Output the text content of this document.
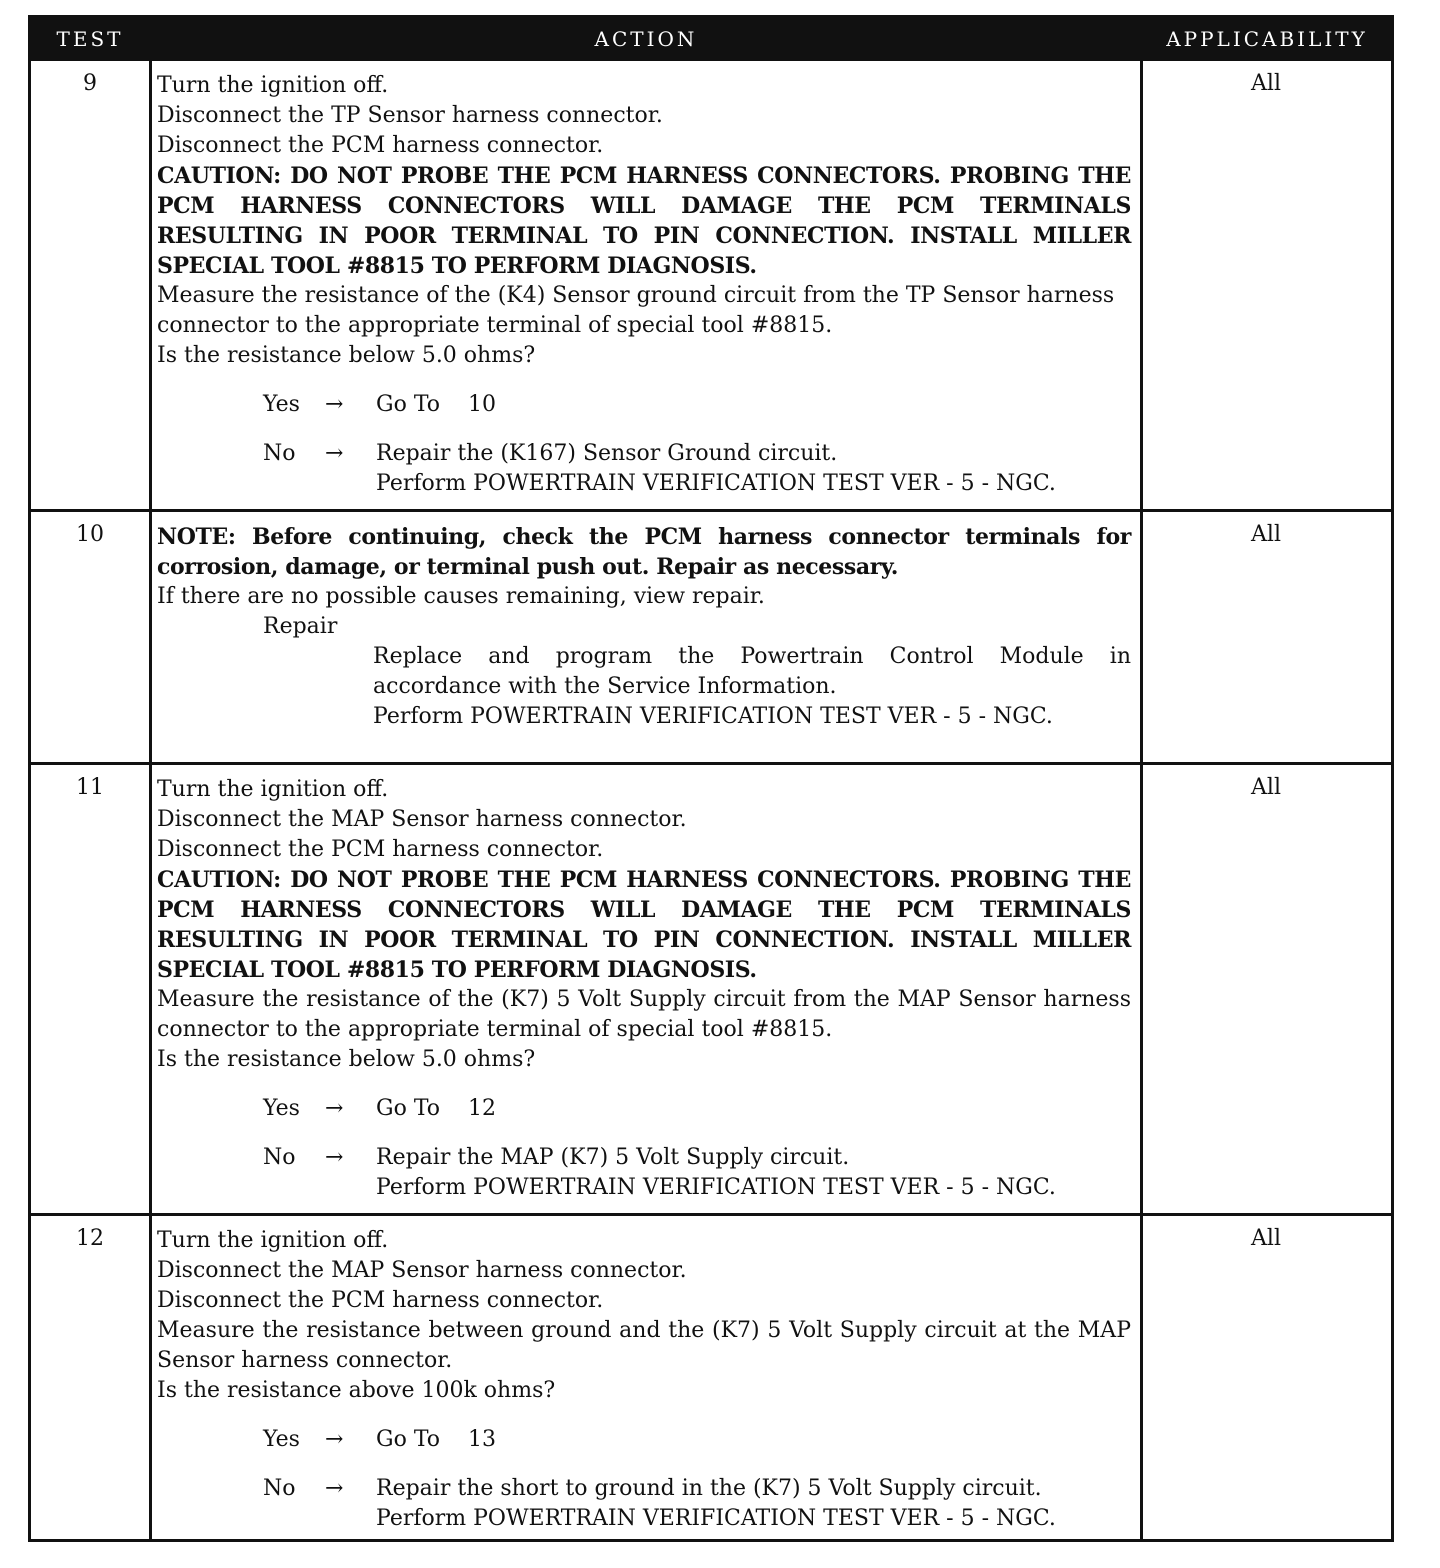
TEST	ACTION	APPLICABILITY
9	Turn the ignition off.

Disconnect the TP Sensor harness connector.

Disconnect the PCM harness connector.

CAUTION: DO NOT PROBE THE PCM HARNESS CONNECTORS. PROBING THE PCM HARNESS CONNECTORS WILL DAMAGE THE PCM TERMINALS RESULTING IN POOR TERMINAL TO PIN CONNECTION. INSTALL MILLER SPECIAL TOOL #8815 TO PERFORM DIAGNOSIS.

Measure the resistance of the (K4) Sensor ground circuit from the TP Sensor harness connector to the appropriate terminal of special tool #8815.

Is the resistance below 5.0 ohms?

Yes → Go To    10
No → Repair the (K167) Sensor Ground circuit.

Perform POWERTRAIN VERIFICATION TEST VER - 5 - NGC.

All
10	NOTE: Before continuing, check the PCM harness connector terminals for corrosion, damage, or terminal push out. Repair as necessary.

If there are no possible causes remaining, view repair.

Repair

Replace and program the Powertrain Control Module in accordance with the Service Information.

Perform POWERTRAIN VERIFICATION TEST VER - 5 - NGC.

All
11	Turn the ignition off.

Disconnect the MAP Sensor harness connector.

Disconnect the PCM harness connector.

CAUTION: DO NOT PROBE THE PCM HARNESS CONNECTORS. PROBING THE PCM HARNESS CONNECTORS WILL DAMAGE THE PCM TERMINALS RESULTING IN POOR TERMINAL TO PIN CONNECTION. INSTALL MILLER SPECIAL TOOL #8815 TO PERFORM DIAGNOSIS.

Measure the resistance of the (K7) 5 Volt Supply circuit from the MAP Sensor harness connector to the appropriate terminal of special tool #8815.

Is the resistance below 5.0 ohms?

Yes → Go To    12
No → Repair the MAP (K7) 5 Volt Supply circuit.

Perform POWERTRAIN VERIFICATION TEST VER - 5 - NGC.

All
12	Turn the ignition off.

Disconnect the MAP Sensor harness connector.

Disconnect the PCM harness connector.

Measure the resistance between ground and the (K7) 5 Volt Supply circuit at the MAP Sensor harness connector.

Is the resistance above 100k ohms?

Yes → Go To    13
No → Repair the short to ground in the (K7) 5 Volt Supply circuit.

Perform POWERTRAIN VERIFICATION TEST VER - 5 - NGC.

All
